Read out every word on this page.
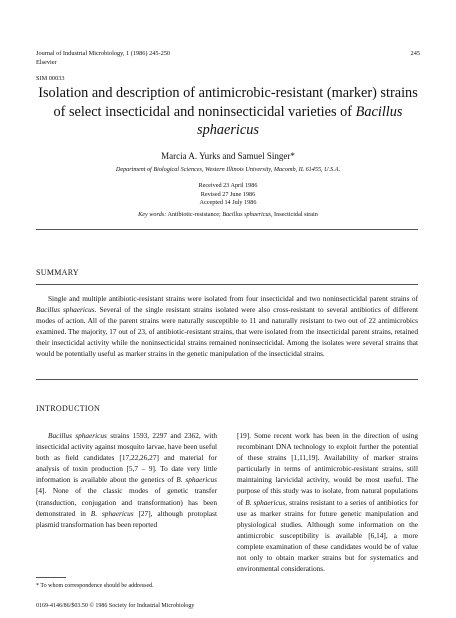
Journal of Industrial Microbiology, 1 (1986) 245-250
Elsevier
SIM 00033
245
Isolation and description of antimicrobic-resistant (marker) strains
of select insecticidal and noninsecticidal varieties of Bacillus
sphaericus
Marcia A. Yurks and Samuel Singer*
Department of Biological Sciences, Western Illinois University, Macomb, IL 61455, U.S.A.
Received 23 April 1986
Revised 27 June 1986
Accepted 14 July 1986
Key words: Antibiotic-resistance; Bacillus sphaericus, Insecticidal strain
SUMMARY
Single and multiple antibiotic-resistant strains were isolated from four insecticidal and two noninsecticidal parent strains of Bacillus sphaericus. Several of the single resistant strains isolated were also cross-resistant to several antibiotics of different modes of action. All of the parent strains were naturally susceptible to 11 and naturally resistant to two out of 22 antimicrobics examined. The majority, 17 out of 23, of antibiotic-resistant strains, that were isolated from the insecticidal parent strains, retained their insecticidal activity while the noninsecticidal strains remained noninsecticidal. Among the isolates were several strains that would be potentially useful as marker strains in the genetic manipulation of the insecticidal strains.
INTRODUCTION
Bacillus sphaericus strains 1593, 2297 and 2362, with insecticidal activity against mosquito larvae, have been useful both as field candidates [17,22,26,27] and material for analysis of toxin production [5,7 – 9]. To date very little information is available about the genetics of B. sphaericus [4]. None of the classic modes of genetic transfer (transduction, conjugation and transformation) has been demonstrated in B. sphaericus [27], although protoplast plasmid transformation has been reported
[19]. Some recent work has been in the direction of using recombinant DNA technology to exploit further the potential of these strains [1,11,19]. Availability of marker strains particularly in terms of antimicrobic-resistant strains, still maintaining larvicidal activity, would be most useful. The purpose of this study was to isolate, from natural populations of B. sphaericus, strains resistant to a series of antibiotics for use as marker strains for future genetic manipulation and physiological studies. Although some information on the antimicrobic susceptibility is available [6,14], a more complete examination of these candidates would be of value not only to obtain marker strains but for systematics and environmental considerations.
* To whom correspondence should be addressed.
0169-4146/86/$03.50 © 1986 Society for Industrial Microbiology
